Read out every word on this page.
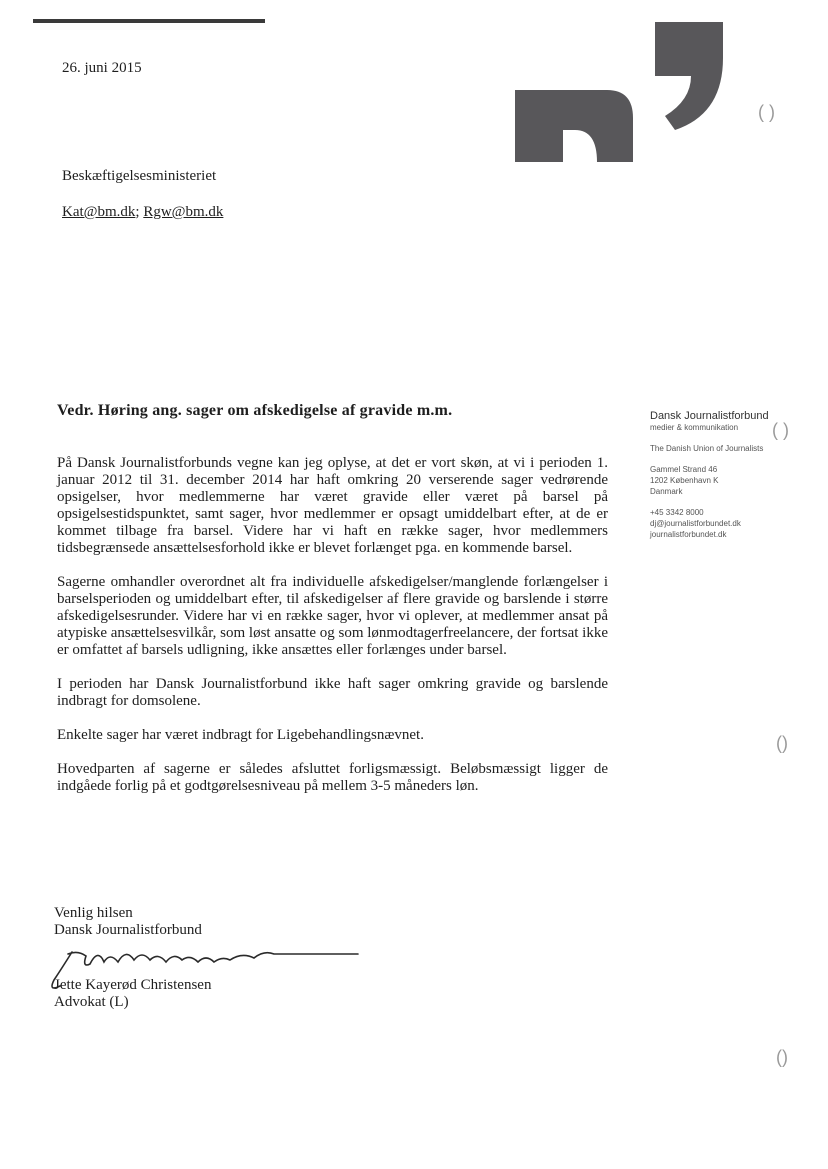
( )
( )
()
()
26. juni 2015
Beskæftigelsesministeriet
Kat@bm.dk; Rgw@bm.dk
Vedr. Høring ang. sager om afskedigelse af gravide m.m.

På Dansk Journalistforbunds vegne kan jeg oplyse, at det er vort skøn, at vi i perioden 1. januar 2012 til 31. december 2014 har haft omkring 20 verserende sager vedrørende opsigelser, hvor medlemmerne har været gravide eller været på barsel på opsigelsestidspunktet, samt sager, hvor medlemmer er opsagt umiddelbart efter, at de er kommet tilbage fra barsel. Videre har vi haft en række sager, hvor medlemmers tidsbegrænsede ansættelsesforhold ikke er blevet forlænget pga. en kommende barsel.

Sagerne omhandler overordnet alt fra individuelle afskedigelser/manglende forlængelser i barselsperioden og umiddelbart efter, til afskedigelser af flere gravide og barslende i større afskedigelsesrunder. Videre har vi en række sager, hvor vi oplever, at medlemmer ansat på atypiske ansættelsesvilkår, som løst ansatte og som lønmodtagerfreelancere, der fortsat ikke er omfattet af barsels udligning, ikke ansættes eller forlænges under barsel.

I perioden har Dansk Journalistforbund ikke haft sager omkring gravide og barslende indbragt for domsolene.

Enkelte sager har været indbragt for Ligebehandlingsnævnet.

Hovedparten af sagerne er således afsluttet forligsmæssigt. Beløbsmæssigt ligger de indgåede forlig på et godtgørelsesniveau på mellem 3-5 måneders løn.

Dansk Journalistforbund
medier & kommunikation
The Danish Union of Journalists
Gammel Strand 46
1202 København K
Danmark
+45 3342 8000
dj@journalistforbundet.dk
journalistforbundet.dk
Venlig hilsen
Dansk Journalistforbund
Jette Kayerød Christensen
Advokat (L)
